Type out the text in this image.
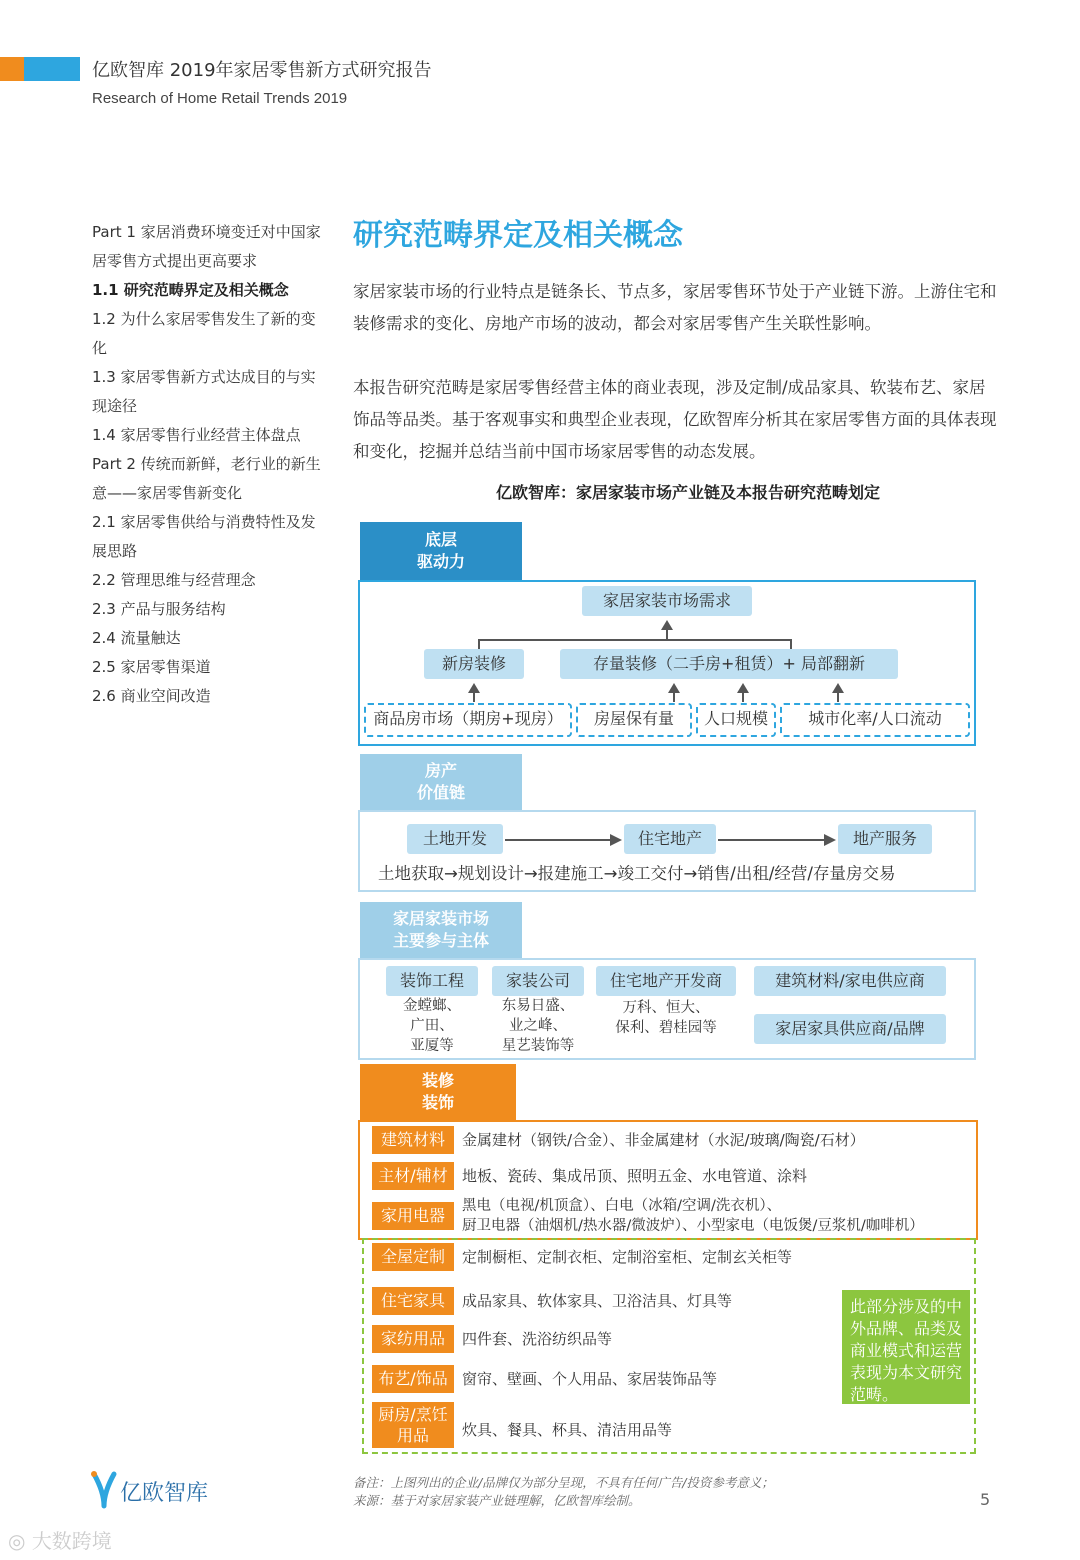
亿欧智库 2019年家居零售新方式研究报告
Research of Home Retail Trends 2019
Part 1 家居消费环境变迁对中国家居零售方式提出更高要求
1.1 研究范畴界定及相关概念
1.2 为什么家居零售发生了新的变化
1.3 家居零售新方式达成目的与实现途径
1.4 家居零售行业经营主体盘点
Part 2 传统而新鲜，老行业的新生意——家居零售新变化
2.1 家居零售供给与消费特性及发展思路
2.2 管理思维与经营理念
2.3 产品与服务结构
2.4 流量触达
2.5 家居零售渠道
2.6 商业空间改造
研究范畴界定及相关概念
家居家装市场的行业特点是链条长、节点多，家居零售环节处于产业链下游。上游住宅和装修需求的变化、房地产市场的波动，都会对家居零售产生关联性影响。
本报告研究范畴是家居零售经营主体的商业表现，涉及定制/成品家具、软装布艺、家居饰品等品类。基于客观事实和典型企业表现，亿欧智库分析其在家居零售方面的具体表现和变化，挖掘并总结当前中国市场家居零售的动态发展。
亿欧智库：家居家装市场产业链及本报告研究范畴划定
底层
驱动力
家居家装市场需求
新房装修	存量装修（二手房+租赁）+ 局部翻新
商品房市场（期房+现房）	房屋保有量	人口规模	城市化率/人口流动
房产
价值链
土地开发	住宅地产	地产服务
土地获取→规划设计→报建施工→竣工交付→销售/出租/经营/存量房交易
家居家装市场
主要参与主体
装饰工程
金螳螂、
广田、
亚厦等
家装公司
东易日盛、
业之峰、
星艺装饰等
住宅地产开发商
万科、恒大、
保利、碧桂园等
建筑材料/家电供应商
家居家具供应商/品牌
装修
装饰
建筑材料	金属建材（钢铁/合金）、非金属建材（水泥/玻璃/陶瓷/石材）
主材/辅材 地板、瓷砖、集成吊顶、照明五金、水电管道、涂料
家用电器	黑电（电视/机顶盒）、白电（冰箱/空调/洗衣机）、
厨卫电器（油烟机/热水器/微波炉）、小型家电（电饭煲/豆浆机/咖啡机）
全屋定制	定制橱柜、定制衣柜、定制浴室柜、定制玄关柜等
住宅家具	成品家具、软体家具、卫浴洁具、灯具等
家纺用品	四件套、洗浴纺织品等
布艺/饰品 窗帘、壁画、个人用品、家居装饰品等
厨房/烹饪
用品	炊具、餐具、杯具、清洁用品等
此部分涉及的中外品牌、品类及商业模式和运营表现为本文研究范畴。
备注：上图列出的企业/品牌仅为部分呈现，不具有任何广告/投资参考意义；
来源：基于对家居家装产业链理解，亿欧智库绘制。
亿欧智库	5
◎ 大数跨境
